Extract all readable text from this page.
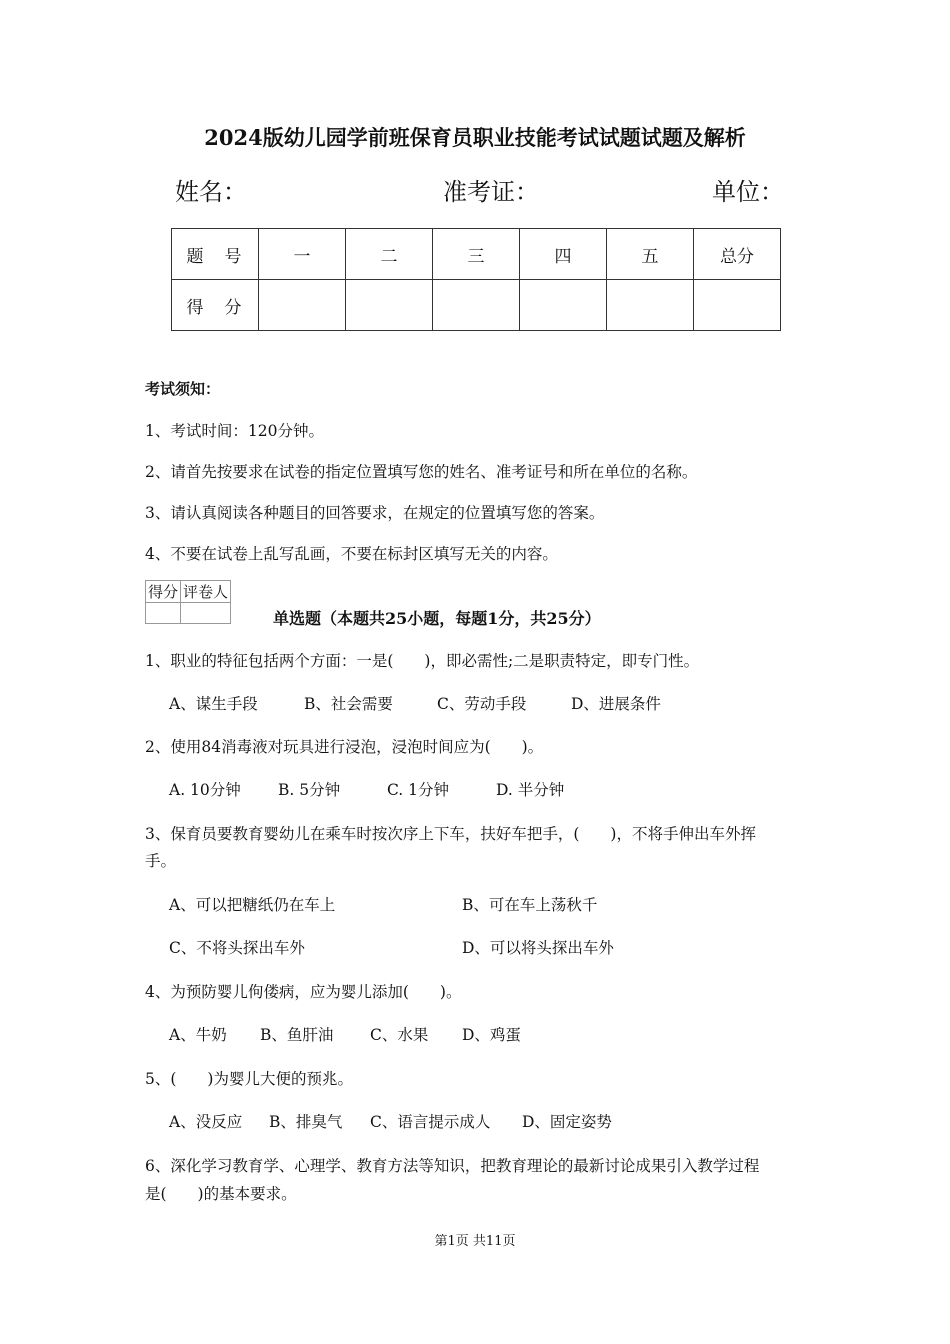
2024版幼儿园学前班保育员职业技能考试试题试题及解析
姓名：	准考证：	单位：
题　号	一	二	三	四	五	总分
得　分						
考试须知：
1、考试时间：120分钟。
2、请首先按要求在试卷的指定位置填写您的姓名、准考证号和所在单位的名称。
3、请认真阅读各种题目的回答要求，在规定的位置填写您的答案。
4、不要在试卷上乱写乱画，不要在标封区填写无关的内容。
得分	评卷人

单选题（本题共25小题，每题1分，共25分）
1、职业的特征包括两个方面：一是(　　)，即必需性;二是职责特定，即专门性。
A、谋生手段	B、社会需要	C、劳动手段	D、进展条件
2、使用84消毒液对玩具进行浸泡，浸泡时间应为(　　)。
A. 10分钟 B. 5分钟	C. 1分钟	D. 半分钟
3、保育员要教育婴幼儿在乘车时按次序上下车，扶好车把手，(　　)，不将手伸出车外挥
手。
A、可以把糖纸仍在车上	B、可在车上荡秋千
C、不将头探出车外	D、可以将头探出车外
4、为预防婴儿佝偻病，应为婴儿添加(　　)。
A、牛奶 B、鱼肝油 C、水果 D、鸡蛋
5、(　　)为婴儿大便的预兆。
A、没反应 B、排臭气 C、语言提示成人 D、固定姿势
6、深化学习教育学、心理学、教育方法等知识，把教育理论的最新讨论成果引入教学过程
是(　　)的基本要求。
第1页 共11页
